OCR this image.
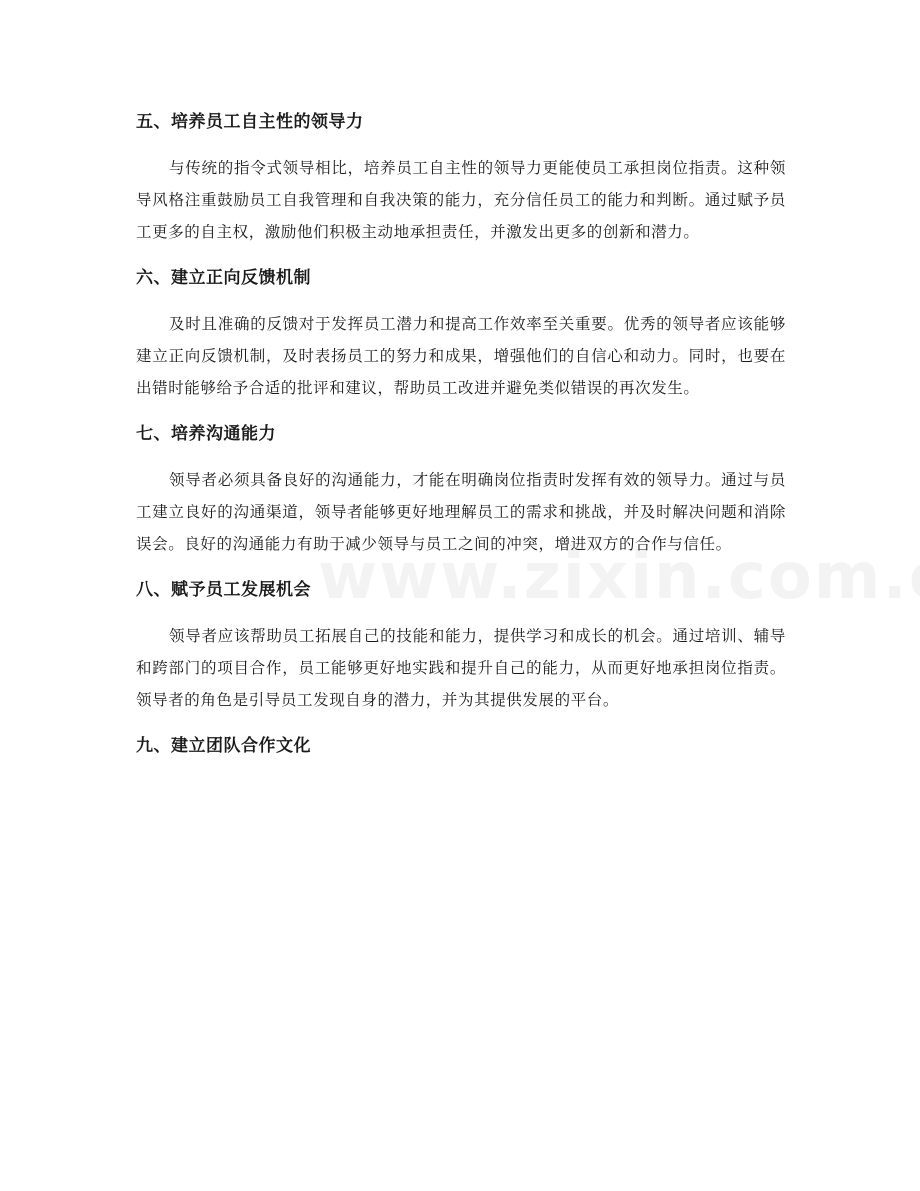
五、培养员工自主性的领导力

与传统的指令式领导相比，培养员工自主性的领导力更能使员工承担岗位指责。这种领导风格注重鼓励员工自我管理和自我决策的能力，充分信任员工的能力和判断。通过赋予员工更多的自主权，激励他们积极主动地承担责任，并激发出更多的创新和潜力。

六、建立正向反馈机制

及时且准确的反馈对于发挥员工潜力和提高工作效率至关重要。优秀的领导者应该能够建立正向反馈机制，及时表扬员工的努力和成果，增强他们的自信心和动力。同时，也要在出错时能够给予合适的批评和建议，帮助员工改进并避免类似错误的再次发生。

七、培养沟通能力

领导者必须具备良好的沟通能力，才能在明确岗位指责时发挥有效的领导力。通过与员工建立良好的沟通渠道，领导者能够更好地理解员工的需求和挑战，并及时解决问题和消除误会。良好的沟通能力有助于减少领导与员工之间的冲突，增进双方的合作与信任。

八、赋予员工发展机会

领导者应该帮助员工拓展自己的技能和能力，提供学习和成长的机会。通过培训、辅导和跨部门的项目合作，员工能够更好地实践和提升自己的能力，从而更好地承担岗位指责。领导者的角色是引导员工发现自身的潜力，并为其提供发展的平台。

九、建立团队合作文化
